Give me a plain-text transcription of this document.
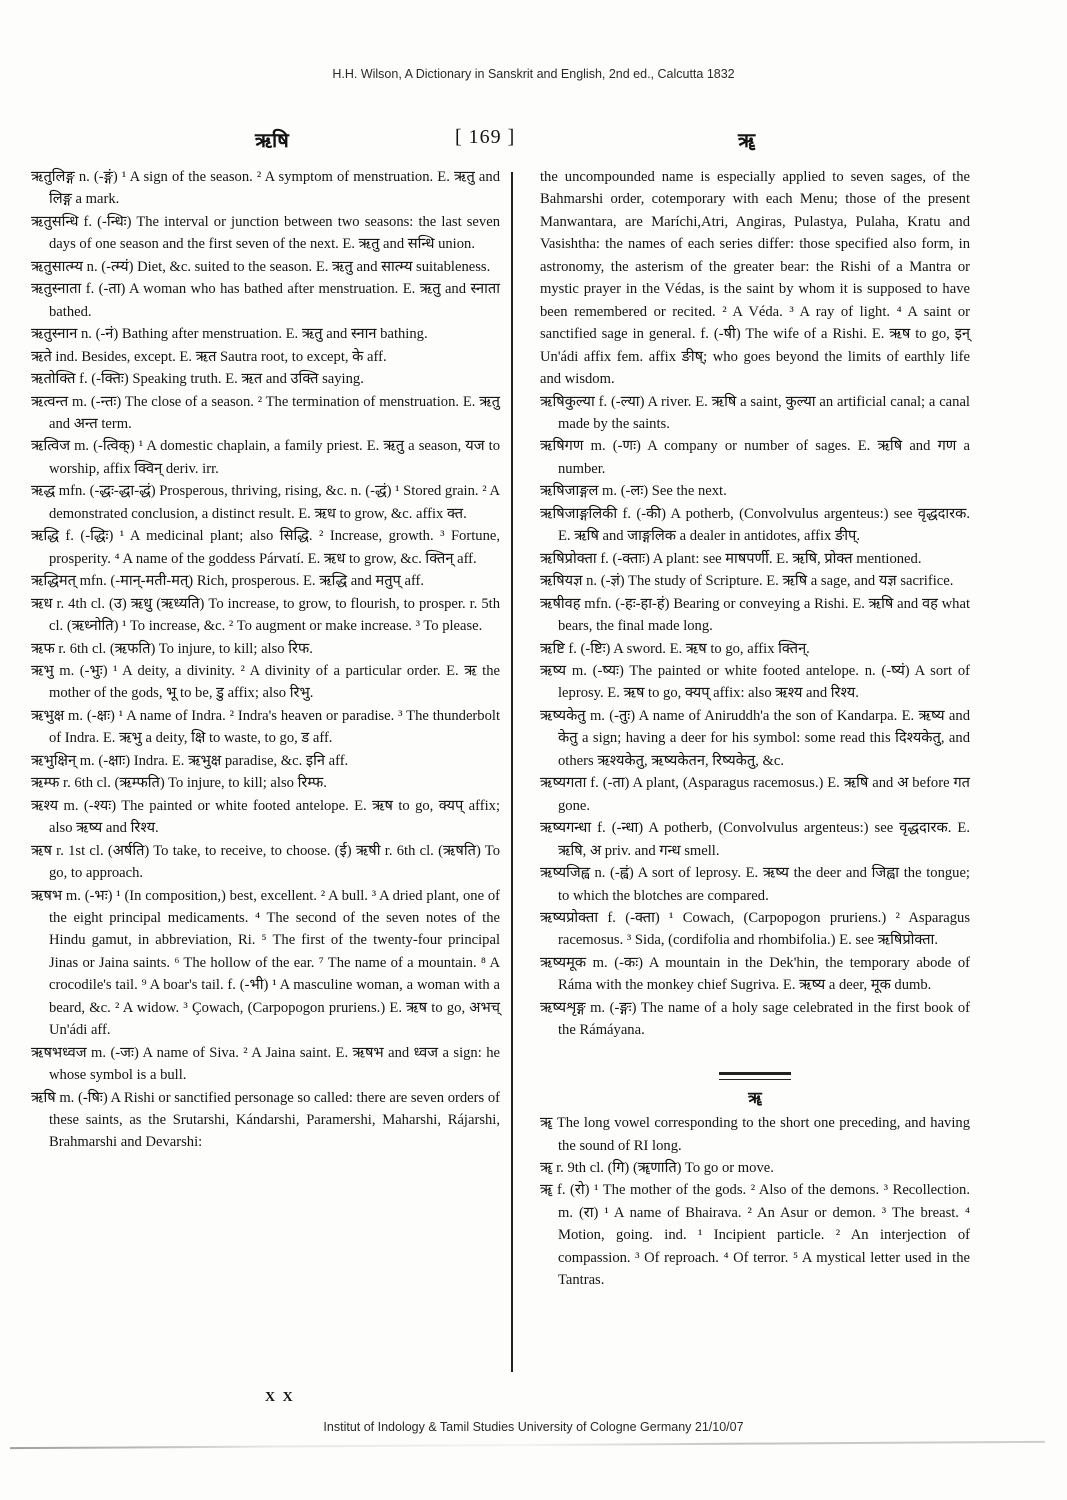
H.H. Wilson, A Dictionary in Sanskrit and English, 2nd ed., Calcutta 1832
ऋषि	[ 169 ]	ॠ

ऋतुलिङ्ग n. (-ङ्गं) ¹ A sign of the season. ² A symptom of menstruation. E. ऋतु and लिङ्ग a mark.

ऋतुसन्धि f. (-न्धिः) The interval or junction between two seasons: the last seven days of one season and the first seven of the next. E. ऋतु and सन्धि union.

ऋतुसात्म्य n. (-त्म्यं) Diet, &c. suited to the season. E. ऋतु and सात्म्य suitableness.

ऋतुस्नाता f. (-ता) A woman who has bathed after menstruation. E. ऋतु and स्नाता bathed.

ऋतुस्नान n. (-नं) Bathing after menstruation. E. ऋतु and स्नान bathing.

ऋते ind. Besides, except. E. ऋत Sautra root, to except, के aff.

ऋतोक्ति f. (-क्तिः) Speaking truth. E. ऋत and उक्ति saying.

ऋत्वन्त m. (-न्तः) The close of a season. ² The termination of menstruation. E. ऋतु and अन्त term.

ऋत्विज m. (-त्विक्) ¹ A domestic chaplain, a family priest. E. ऋतु a season, यज to worship, affix क्विन् deriv. irr.

ऋद्ध mfn. (-द्धः-द्धा-द्धं) Prosperous, thriving, rising, &c. n. (-द्धं) ¹ Stored grain. ² A demonstrated conclusion, a distinct result. E. ऋध to grow, &c. affix क्त.

ऋद्धि f. (-द्धिः) ¹ A medicinal plant; also सिद्धि. ² Increase, growth. ³ Fortune, prosperity. ⁴ A name of the goddess Párvatí. E. ऋध to grow, &c. क्तिन् aff.

ऋद्धिमत् mfn. (-मान्-मती-मत्) Rich, prosperous. E. ऋद्धि and मतुप् aff.

ऋध r. 4th cl. (उ) ऋधु (ऋध्यति) To increase, to grow, to flourish, to prosper. r. 5th cl. (ऋध्नोति) ¹ To increase, &c. ² To augment or make increase. ³ To please.

ऋफ r. 6th cl. (ऋफति) To injure, to kill; also रिफ.

ऋभु m. (-भुः) ¹ A deity, a divinity. ² A divinity of a particular order. E. ऋ the mother of the gods, भू to be, डु affix; also रिभु.

ऋभुक्ष m. (-क्षः) ¹ A name of Indra. ² Indra's heaven or paradise. ³ The thunderbolt of Indra. E. ऋभु a deity, क्षि to waste, to go, ड aff.

ऋभुक्षिन् m. (-क्षाः) Indra. E. ऋभुक्ष paradise, &c. इनि aff.

ऋम्फ r. 6th cl. (ऋम्फति) To injure, to kill; also रिम्फ.

ऋश्य m. (-श्यः) The painted or white footed antelope. E. ऋष to go, क्यप् affix; also ऋष्य and रिश्य.

ऋष r. 1st cl. (अर्षति) To take, to receive, to choose. (ई) ऋषी r. 6th cl. (ऋषति) To go, to approach.

ऋषभ m. (-भः) ¹ (In composition,) best, excellent. ² A bull. ³ A dried plant, one of the eight principal medicaments. ⁴ The second of the seven notes of the Hindu gamut, in abbreviation, Ri. ⁵ The first of the twenty-four principal Jinas or Jaina saints. ⁶ The hollow of the ear. ⁷ The name of a mountain. ⁸ A crocodile's tail. ⁹ A boar's tail. f. (-भी) ¹ A masculine woman, a woman with a beard, &c. ² A widow. ³ Çowach, (Carpopogon pruriens.) E. ऋष to go, अभच् Un'ádi aff.

ऋषभध्वज m. (-जः) A name of Siva. ² A Jaina saint. E. ऋषभ and ध्वज a sign: he whose symbol is a bull.

ऋषि m. (-षिः) A Rishi or sanctified personage so called: there are seven orders of these saints, as the Srutarshi, Kándarshi, Paramershi, Maharshi, Rájarshi, Brahmarshi and Devarshi:

the uncompounded name is especially applied to seven sages, of the Bahmarshi order, cotemporary with each Menu; those of the present Manwantara, are Maríchi,Atri, Angiras, Pulastya, Pulaha, Kratu and Vasishtha: the names of each series differ: those specified also form, in astronomy, the asterism of the greater bear: the Rishi of a Mantra or mystic prayer in the Védas, is the saint by whom it is supposed to have been remembered or recited. ² A Véda. ³ A ray of light. ⁴ A saint or sanctified sage in general. f. (-षी) The wife of a Rishi. E. ऋष to go, इन् Un'ádi affix fem. affix ङीष्; who goes beyond the limits of earthly life and wisdom.

ऋषिकुल्या f. (-ल्या) A river. E. ऋषि a saint, कुल्या an artificial canal; a canal made by the saints.

ऋषिगण m. (-णः) A company or number of sages. E. ऋषि and गण a number.

ऋषिजाङ्गल m. (-लः) See the next.

ऋषिजाङ्गलिकी f. (-की) A potherb, (Convolvulus argenteus:) see वृद्धदारक. E. ऋषि and जाङ्गलिक a dealer in antidotes, affix ङीप्.

ऋषिप्रोक्ता f. (-क्ताः) A plant: see माषपर्णी. E. ऋषि, प्रोक्त mentioned.

ऋषियज्ञ n. (-ज्ञं) The study of Scripture. E. ऋषि a sage, and यज्ञ sacrifice.

ऋषीवह mfn. (-हः-हा-हं) Bearing or conveying a Rishi. E. ऋषि and वह what bears, the final made long.

ऋष्टि f. (-ष्टिः) A sword. E. ऋष to go, affix क्तिन्.

ऋष्य m. (-ष्यः) The painted or white footed antelope. n. (-ष्यं) A sort of leprosy. E. ऋष to go, क्यप् affix: also ऋश्य and रिश्य.

ऋष्यकेतु m. (-तुः) A name of Aniruddh'a the son of Kandarpa. E. ऋष्य and केतु a sign; having a deer for his symbol: some read this दिश्यकेतु, and others ऋश्यकेतु, ऋष्यकेतन, रिष्यकेतु, &c.

ऋष्यगता f. (-ता) A plant, (Asparagus racemosus.) E. ऋषि and अ before गत gone.

ऋष्यगन्धा f. (-न्धा) A potherb, (Convolvulus argenteus:) see वृद्धदारक. E. ऋषि, अ priv. and गन्ध smell.

ऋष्यजिह्व n. (-ह्वं) A sort of leprosy. E. ऋष्य the deer and जिह्वा the tongue; to which the blotches are compared.

ऋष्यप्रोक्ता f. (-क्ता) ¹ Cowach, (Carpopogon pruriens.) ² Asparagus racemosus. ³ Sida, (cordifolia and rhombifolia.) E. see ऋषिप्रोक्ता.

ऋष्यमूक m. (-कः) A mountain in the Dek'hin, the temporary abode of Ráma with the monkey chief Sugriva. E. ऋष्य a deer, मूक dumb.

ऋष्यशृङ्ग m. (-ङ्गः) The name of a holy sage celebrated in the first book of the Rámáyana.

ॠ

ॠ The long vowel corresponding to the short one preceding, and having the sound of RI long.

ॠ r. 9th cl. (गि) (ॠणाति) To go or move.

ॠ f. (रो) ¹ The mother of the gods. ² Also of the demons. ³ Recollection. m. (रा) ¹ A name of Bhairava. ² An Asur or demon. ³ The breast. ⁴ Motion, going. ind. ¹ Incipient particle. ² An interjection of compassion. ³ Of reproach. ⁴ Of terror. ⁵ A mystical letter used in the Tantras.

X X
Institut of Indology & Tamil Studies University of Cologne Germany 21/10/07
